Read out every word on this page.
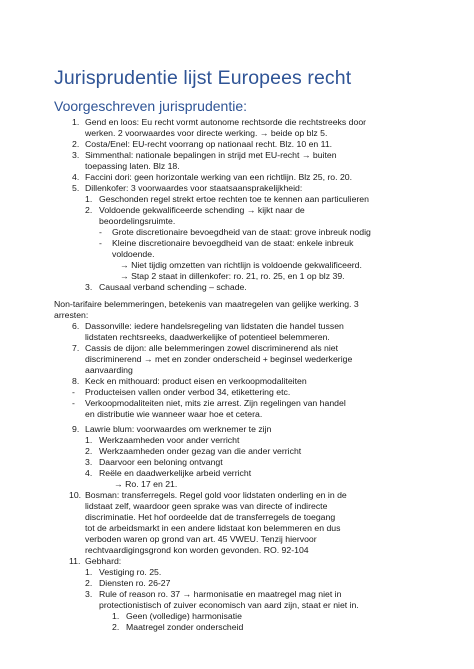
Jurisprudentie lijst Europees recht
Voorgeschreven jurisprudentie:
1. Gend en loos: Eu recht vormt autonome rechtsorde die rechtstreeks door
werken. 2 voorwaardes voor directe werking. → beide op blz 5.
2. Costa/Enel: EU-recht voorrang op nationaal recht. Blz. 10 en 11.
3. Simmenthal: nationale bepalingen in strijd met EU-recht → buiten
toepassing laten. Blz 18.
4. Faccini dori: geen horizontale werking van een richtlijn. Blz 25, ro. 20.
5. Dillenkofer: 3 voorwaardes voor staatsaansprakelijkheid:
1. Geschonden regel strekt ertoe rechten toe te kennen aan particulieren
2. Voldoende gekwalificeerde schending → kijkt naar de
beoordelingsruimte.
- Grote discretionaire bevoegdheid van de staat: grove inbreuk nodig
- Kleine discretionaire bevoegdheid van de staat: enkele inbreuk
voldoende.
→ Niet tijdig omzetten van richtlijn is voldoende gekwalificeerd.
→ Stap 2 staat in dillenkofer: ro. 21, ro. 25, en 1 op blz 39.
3. Causaal verband schending – schade.
Non-tarifaire belemmeringen, betekenis van maatregelen van gelijke werking. 3
arresten:
6. Dassonville: iedere handelsregeling van lidstaten die handel tussen
lidstaten rechtsreeks, daadwerkelijke of potentieel belemmeren.
7. Cassis de dijon: alle belemmeringen zowel discriminerend als niet
discriminerend → met en zonder onderscheid + beginsel wederkerige
aanvaarding
8. Keck en mithouard: product eisen en verkoopmodaliteiten
- Producteisen vallen onder verbod 34, etikettering etc.
- Verkoopmodaliteiten niet, mits zie arrest. Zijn regelingen van handel
en distributie wie wanneer waar hoe et cetera.
9. Lawrie blum: voorwaardes om werknemer te zijn
1. Werkzaamheden voor ander verricht
2. Werkzaamheden onder gezag van die ander verricht
3. Daarvoor een beloning ontvangt
4. Reële en daadwerkelijke arbeid verricht
→ Ro. 17 en 21.
10. Bosman: transferregels. Regel gold voor lidstaten onderling en in de
lidstaat zelf, waardoor geen sprake was van directe of indirecte
discriminatie. Het hof oordeelde dat de transferregels de toegang
tot de arbeidsmarkt in een andere lidstaat kon belemmeren en dus
verboden waren op grond van art. 45 VWEU. Tenzij hiervoor
rechtvaardigingsgrond kon worden gevonden. RO. 92-104
11. Gebhard:
1. Vestiging ro. 25.
2. Diensten ro. 26-27
3. Rule of reason ro. 37 → harmonisatie en maatregel mag niet in
protectionistisch of zuiver economisch van aard zijn, staat er niet in.
1. Geen (volledige) harmonisatie
2. Maatregel zonder onderscheid
